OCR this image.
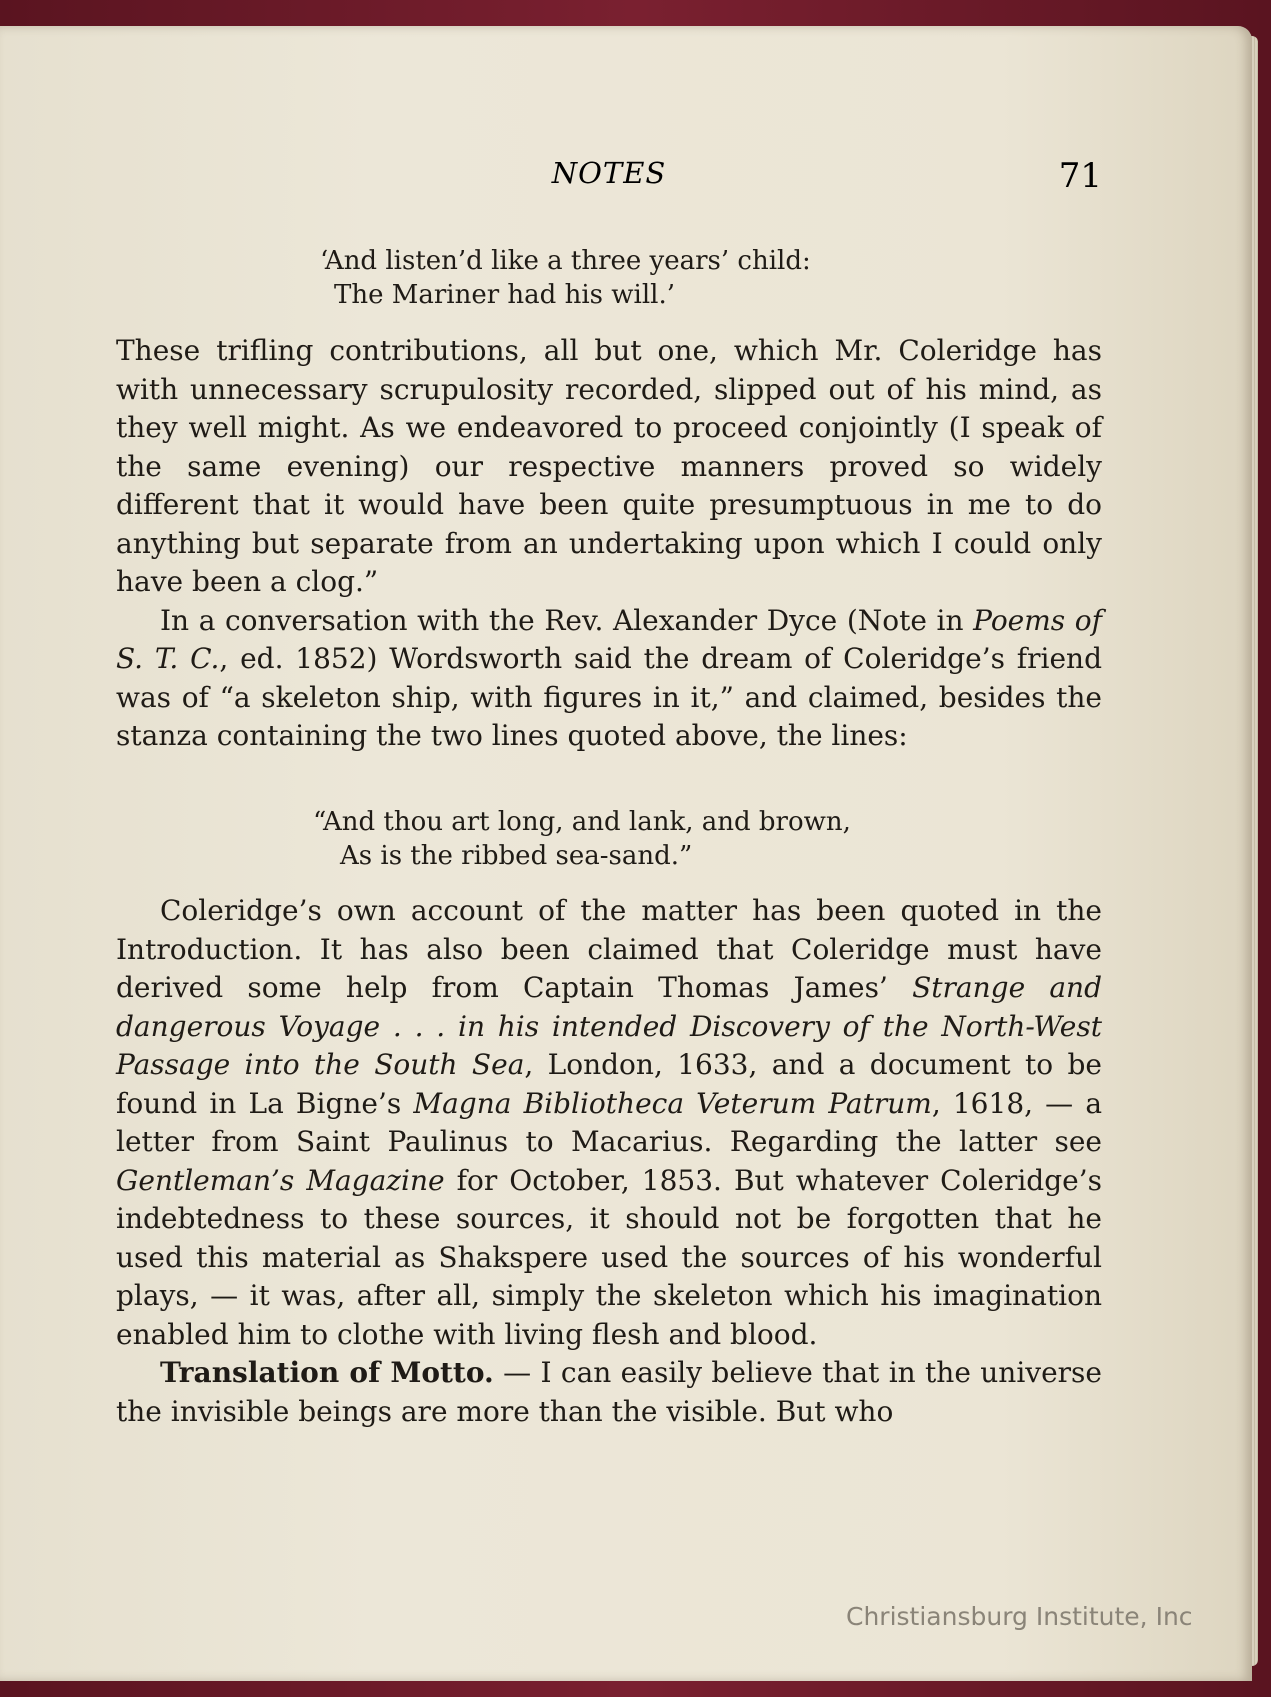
NOTES	71
‘And listen’d like a three years’ child:
The Mariner had his will.’

These trifling contributions, all but one, which Mr. Coleridge has with unnecessary scrupulosity recorded, slipped out of his mind, as they well might. As we endeavored to proceed conjointly (I speak of the same evening) our respective manners proved so widely different that it would have been quite presumptuous in me to do anything but separate from an undertaking upon which I could only have been a clog.”

In a conversation with the Rev. Alexander Dyce (Note in Poems of S. T. C., ed. 1852) Wordsworth said the dream of Coleridge’s friend was of “a skeleton ship, with figures in it,” and claimed, besides the stanza containing the two lines quoted above, the lines:

“And thou art long, and lank, and brown,
As is the ribbed sea-sand.”

Coleridge’s own account of the matter has been quoted in the Introduction. It has also been claimed that Coleridge must have derived some help from Captain Thomas James’ Strange and dangerous Voyage . . . in his intended Discovery of the North-West Passage into the South Sea, London, 1633, and a document to be found in La Bigne’s Magna Bibliotheca Veterum Patrum, 1618, — a letter from Saint Paulinus to Macarius. Regarding the latter see Gentleman’s Magazine for October, 1853. But whatever Coleridge’s indebtedness to these sources, it should not be forgotten that he used this material as Shakspere used the sources of his wonderful plays, — it was, after all, simply the skeleton which his imagination enabled him to clothe with living flesh and blood.

Translation of Motto. — I can easily believe that in the universe the invisible beings are more than the visible. But who

Christiansburg Institute, Inc
